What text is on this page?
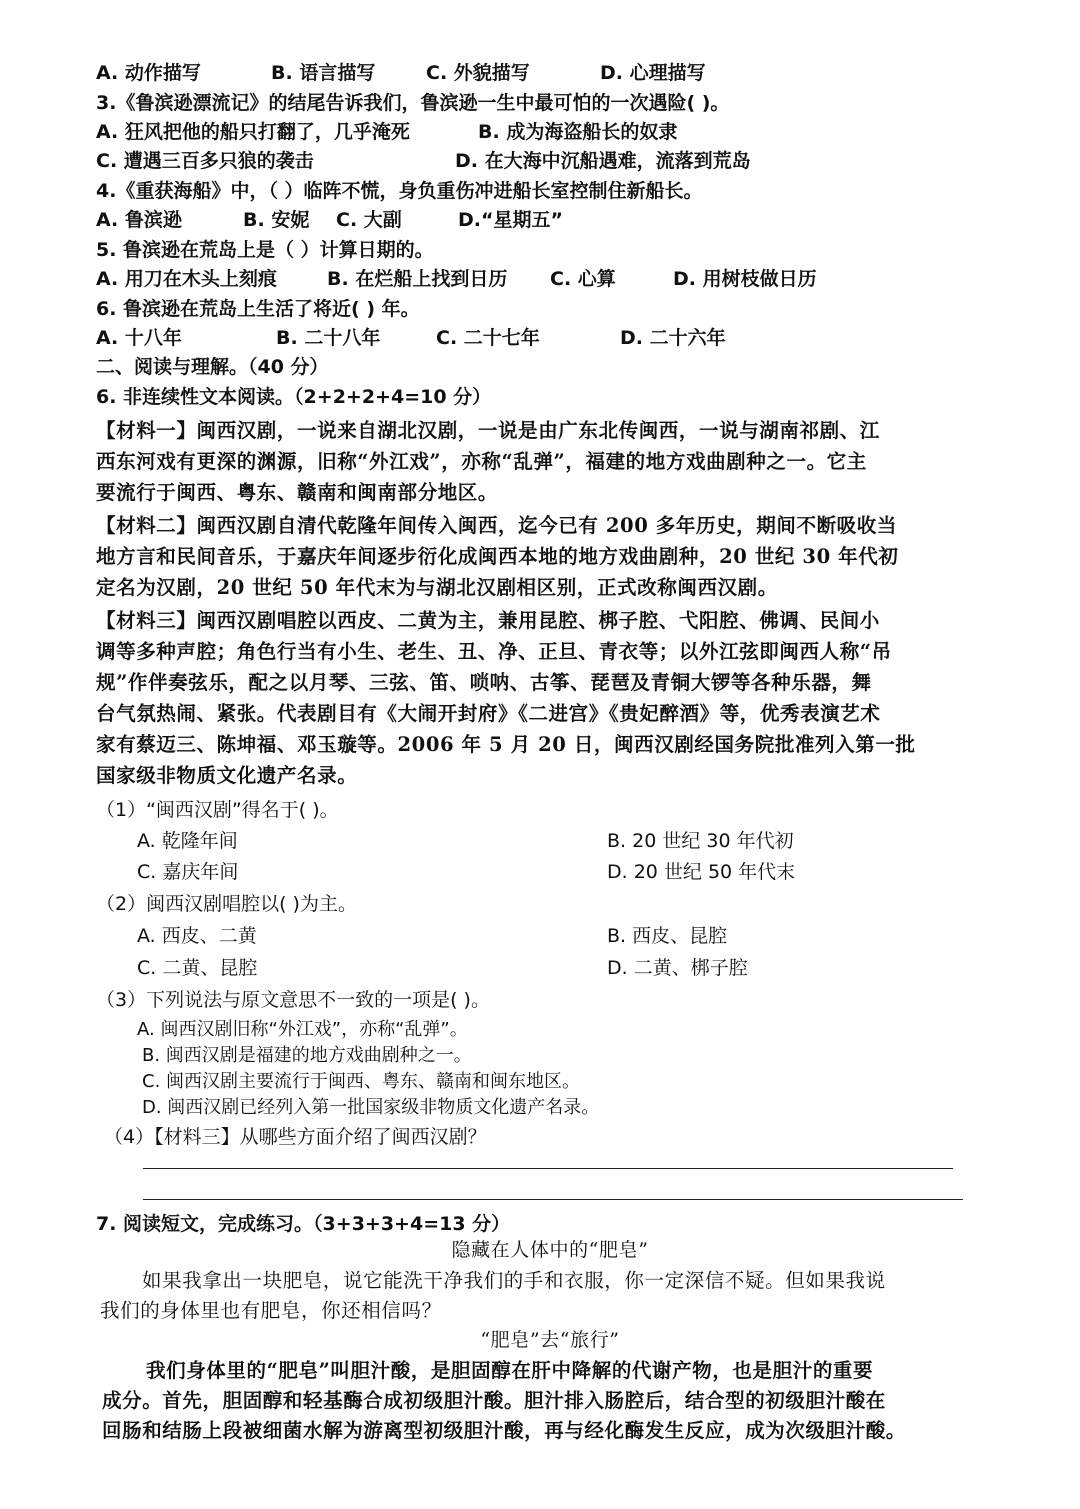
A. 动作描写	B. 语言描写	C. 外貌描写	D. 心理描写
3.《鲁滨逊漂流记》的结尾告诉我们，鲁滨逊一生中最可怕的一次遇险( )。
A. 狂风把他的船只打翻了，几乎淹死	B. 成为海盗船长的奴隶
C. 遭遇三百多只狼的袭击	D. 在大海中沉船遇难，流落到荒岛
4.《重获海船》中，（ ）临阵不慌，身负重伤冲进船长室控制住新船长。
A. 鲁滨逊	B. 安妮 C. 大副	D.“星期五”
5. 鲁滨逊在荒岛上是（ ）计算日期的。
A. 用刀在木头上刻痕	B. 在烂船上找到日历 C. 心算	D. 用树枝做日历
6. 鲁滨逊在荒岛上生活了将近( ) 年。
A. 十八年	B. 二十八年	C. 二十七年	D. 二十六年
二、阅读与理解。（40 分）
6. 非连续性文本阅读。（2+2+2+4=10 分）
【材料一】闽西汉剧，一说来自湖北汉剧，一说是由广东北传闽西，一说与湖南祁剧、江
西东河戏有更深的渊源，旧称“外江戏”，亦称“乱弹”，福建的地方戏曲剧种之一。它主
要流行于闽西、粤东、赣南和闽南部分地区。
【材料二】闽西汉剧自清代乾隆年间传入闽西，迄今已有 200 多年历史，期间不断吸收当
地方言和民间音乐，于嘉庆年间逐步衍化成闽西本地的地方戏曲剧种，20 世纪 30 年代初
定名为汉剧，20 世纪 50 年代末为与湖北汉剧相区别，正式改称闽西汉剧。
【材料三】闽西汉剧唱腔以西皮、二黄为主，兼用昆腔、梆子腔、弋阳腔、佛调、民间小
调等多种声腔；角色行当有小生、老生、丑、净、正旦、青衣等；以外江弦即闽西人称“吊
规”作伴奏弦乐，配之以月琴、三弦、笛、唢呐、古筝、琵琶及青铜大锣等各种乐器，舞
台气氛热闹、紧张。代表剧目有《大闹开封府》《二进宫》《贵妃醉酒》等，优秀表演艺术
家有蔡迈三、陈坤福、邓玉璇等。2006 年 5 月 20 日，闽西汉剧经国务院批准列入第一批
国家级非物质文化遗产名录。
（1）“闽西汉剧”得名于( )。
A. 乾隆年间	B. 20 世纪 30 年代初
C. 嘉庆年间	D. 20 世纪 50 年代末
（2）闽西汉剧唱腔以( )为主。
A. 西皮、二黄	B. 西皮、昆腔
C. 二黄、昆腔	D. 二黄、梆子腔
（3）下列说法与原文意思不一致的一项是( )。
A. 闽西汉剧旧称“外江戏”，亦称“乱弹”。
B. 闽西汉剧是福建的地方戏曲剧种之一。
C. 闽西汉剧主要流行于闽西、粤东、赣南和闽东地区。
D. 闽西汉剧已经列入第一批国家级非物质文化遗产名录。
（4）【材料三】从哪些方面介绍了闽西汉剧？
7. 阅读短文，完成练习。（3+3+3+4=13 分）
隐藏在人体中的“肥皂”
如果我拿出一块肥皂，说它能洗干净我们的手和衣服，你一定深信不疑。但如果我说
我们的身体里也有肥皂，你还相信吗？
“肥皂”去“旅行”
我们身体里的“肥皂”叫胆汁酸，是胆固醇在肝中降解的代谢产物，也是胆汁的重要
成分。首先，胆固醇和轻基酶合成初级胆汁酸。胆汁排入肠腔后，结合型的初级胆汁酸在
回肠和结肠上段被细菌水解为游离型初级胆汁酸，再与经化酶发生反应，成为次级胆汁酸。
